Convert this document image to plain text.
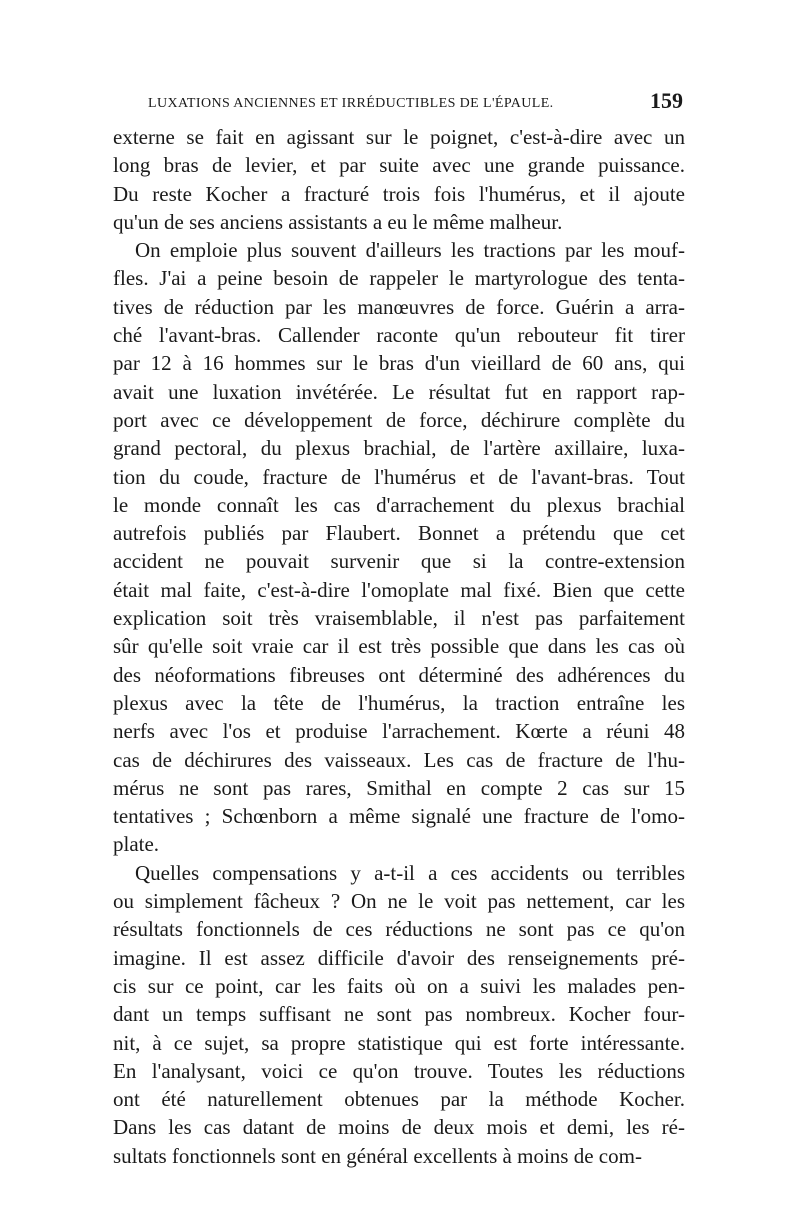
LUXATIONS ANCIENNES ET IRRÉDUCTIBLES DE L'ÉPAULE.	159
externe se fait en agissant sur le poignet, c'est-à-dire avec un
long bras de levier, et par suite avec une grande puissance.
Du reste Kocher a fracturé trois fois l'humérus, et il ajoute
qu'un de ses anciens assistants a eu le même malheur.
On emploie plus souvent d'ailleurs les tractions par les mouf-
fles. J'ai a peine besoin de rappeler le martyrologue des tenta-
tives de réduction par les manœuvres de force. Guérin a arra-
ché l'avant-bras. Callender raconte qu'un rebouteur fit tirer
par 12 à 16 hommes sur le bras d'un vieillard de 60 ans, qui
avait une luxation invétérée. Le résultat fut en rapport rap-
port avec ce développement de force, déchirure complète du
grand pectoral, du plexus brachial, de l'artère axillaire, luxa-
tion du coude, fracture de l'humérus et de l'avant-bras. Tout
le monde connaît les cas d'arrachement du plexus brachial
autrefois publiés par Flaubert. Bonnet a prétendu que cet
accident ne pouvait survenir que si la contre-extension
était mal faite, c'est-à-dire l'omoplate mal fixé. Bien que cette
explication soit très vraisemblable, il n'est pas parfaitement
sûr qu'elle soit vraie car il est très possible que dans les cas où
des néoformations fibreuses ont déterminé des adhérences du
plexus avec la tête de l'humérus, la traction entraîne les
nerfs avec l'os et produise l'arrachement. Kœrte a réuni 48
cas de déchirures des vaisseaux. Les cas de fracture de l'hu-
mérus ne sont pas rares, Smithal en compte 2 cas sur 15
tentatives ; Schœnborn a même signalé une fracture de l'omo-
plate.
Quelles compensations y a-t-il a ces accidents ou terribles
ou simplement fâcheux ? On ne le voit pas nettement, car les
résultats fonctionnels de ces réductions ne sont pas ce qu'on
imagine. Il est assez difficile d'avoir des renseignements pré-
cis sur ce point, car les faits où on a suivi les malades pen-
dant un temps suffisant ne sont pas nombreux. Kocher four-
nit, à ce sujet, sa propre statistique qui est forte intéressante.
En l'analysant, voici ce qu'on trouve. Toutes les réductions
ont été naturellement obtenues par la méthode Kocher.
Dans les cas datant de moins de deux mois et demi, les ré-
sultats fonctionnels sont en général excellents à moins de com-
